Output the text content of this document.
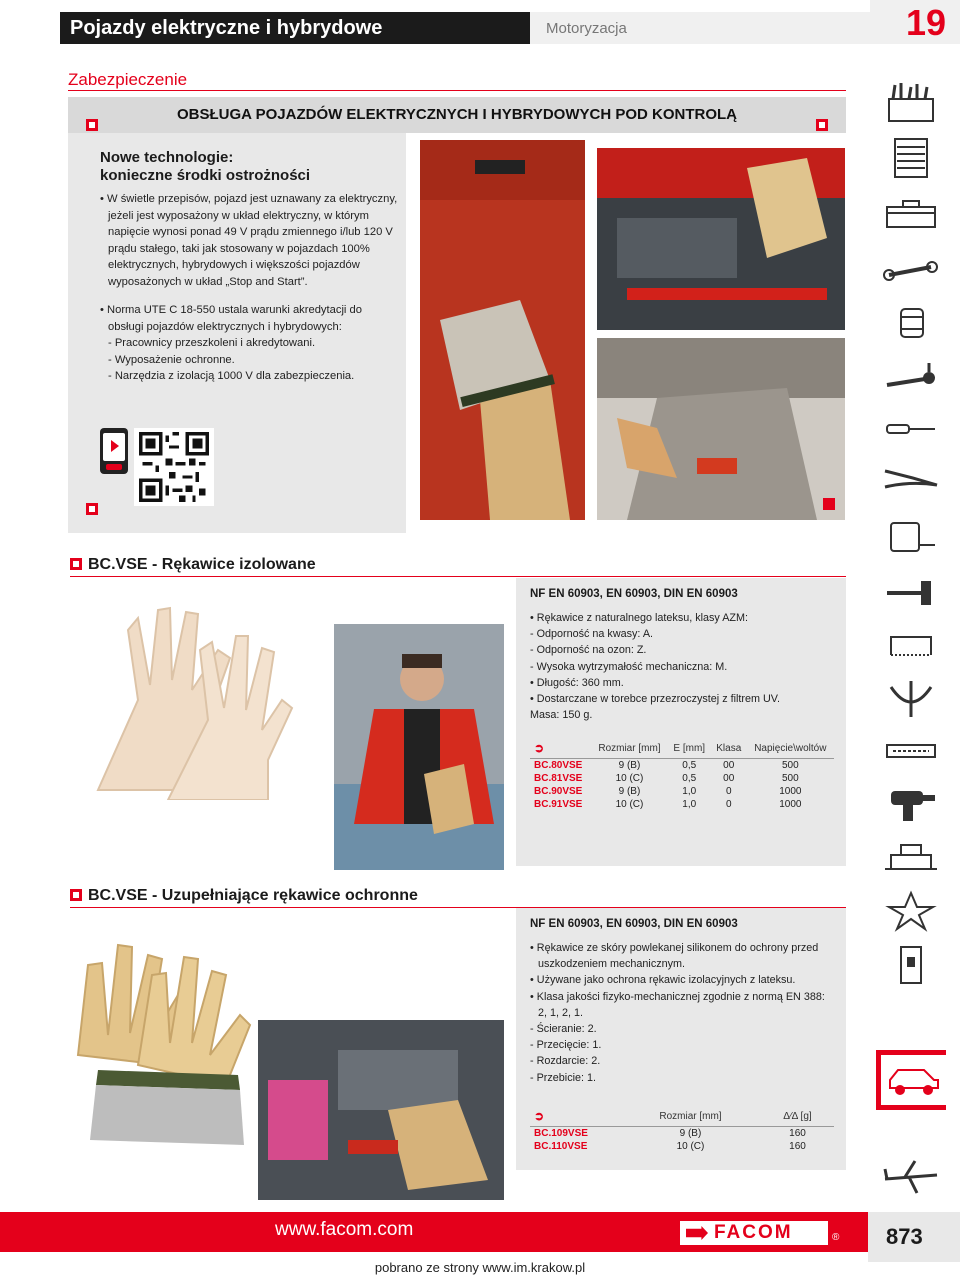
Pojazdy elektryczne i hybrydowe	Motoryzacja	19
Zabezpieczenie
OBSŁUGA POJAZDÓW ELEKTRYCZNYCH I HYBRYDOWYCH POD KONTROLĄ
Nowe technologie:
konieczne środki ostrożności
• W świetle przepisów, pojazd jest uznawany za elektryczny, jeżeli jest wyposażony w układ elektryczny, w którym napięcie wynosi ponad 49 V prądu zmiennego i/lub 120 V prądu stałego, taki jak stosowany w pojazdach 100% elektrycznych, hybrydowych i większości pojazdów wyposażonych w układ „Stop and Start”.
• Norma UTE C 18-550 ustala warunki akredytacji do obsługi pojazdów elektrycznych i hybrydowych:
- Pracownicy przeszkoleni i akredytowani.
- Wyposażenie ochronne.
- Narzędzia z izolacją 1000 V dla zabezpieczenia.
BC.VSE - Rękawice izolowane
NF EN 60903, EN 60903, DIN EN 60903
• Rękawice z naturalnego lateksu, klasy AZM:
- Odporność na kwasy: A.
- Odporność na ozon: Z.
- Wysoka wytrzymałość mechaniczna: M.
• Długość: 360 mm.
• Dostarczane w torebce przezroczystej z filtrem UV.
Masa: 150 g.
➲	Rozmiar [mm]	E [mm]	Klasa	Napięcie\woltów
BC.80VSE	9 (B)	0,5	00	500
BC.81VSE	10 (C)	0,5	00	500
BC.90VSE	9 (B)	1,0	0	1000
BC.91VSE	10 (C)	1,0	0	1000
BC.VSE - Uzupełniające rękawice ochronne
NF EN 60903, EN 60903, DIN EN 60903
• Rękawice ze skóry powlekanej silikonem do ochrony przed uszkodzeniem mechanicznym.
• Używane jako ochrona rękawic izolacyjnych z lateksu.
• Klasa jakości fizyko-mechanicznej zgodnie z normą EN 388: 2, 1, 2, 1.
- Ścieranie: 2.
- Przecięcie: 1.
- Rozdarcie: 2.
- Przebicie: 1.
➲	Rozmiar [mm]	Δ⁄Δ [g]
BC.109VSE	9 (B)	160
BC.110VSE	10 (C)	160
www.facom.com	FACOM	®	873
pobrano ze strony www.im.krakow.pl
